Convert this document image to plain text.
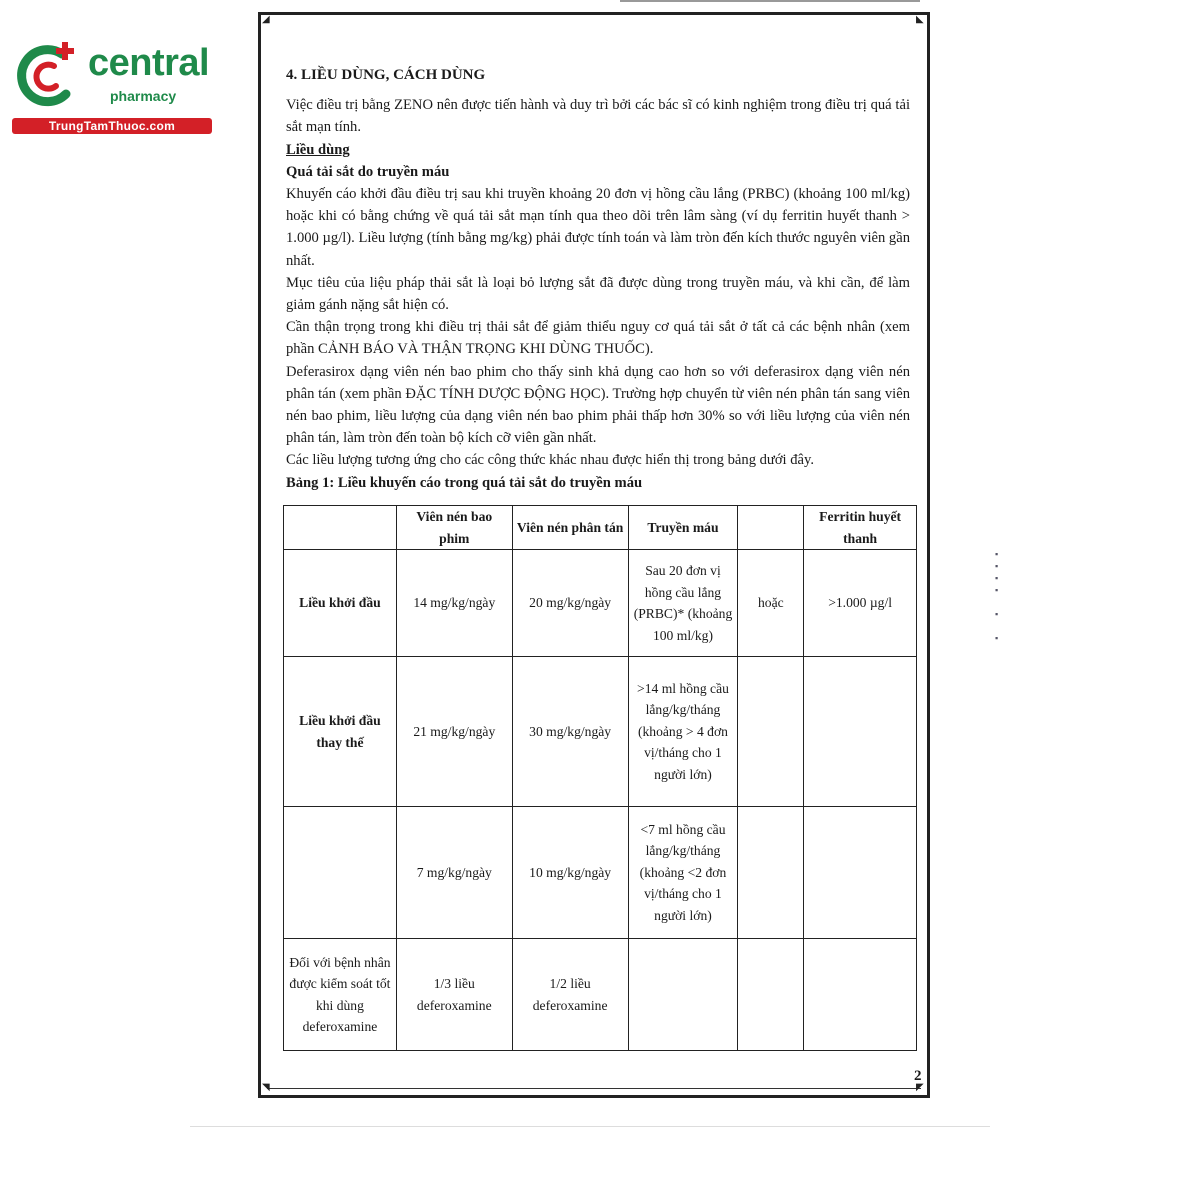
central
pharmacy
TrungTamThuoc.com
◢	◣
◥	◤

4. LIỀU DÙNG, CÁCH DÙNG

Việc điều trị bằng ZENO nên được tiến hành và duy trì bởi các bác sĩ có kinh nghiệm trong điều trị quá tải sắt mạn tính.

Liều dùng

Quá tải sắt do truyền máu

Khuyến cáo khởi đầu điều trị sau khi truyền khoảng 20 đơn vị hồng cầu lắng (PRBC) (khoảng 100 ml/kg) hoặc khi có bằng chứng về quá tải sắt mạn tính qua theo dõi trên lâm sàng (ví dụ ferritin huyết thanh > 1.000 µg/l). Liều lượng (tính bằng mg/kg) phải được tính toán và làm tròn đến kích thước nguyên viên gần nhất.

Mục tiêu của liệu pháp thải sắt là loại bỏ lượng sắt đã được dùng trong truyền máu, và khi cần, để làm giảm gánh nặng sắt hiện có.

Cần thận trọng trong khi điều trị thải sắt để giảm thiểu nguy cơ quá tải sắt ở tất cả các bệnh nhân (xem phần CẢNH BÁO VÀ THẬN TRỌNG KHI DÙNG THUỐC).

Deferasirox dạng viên nén bao phim cho thấy sinh khả dụng cao hơn so với deferasirox dạng viên nén phân tán (xem phần ĐẶC TÍNH DƯỢC ĐỘNG HỌC). Trường hợp chuyển từ viên nén phân tán sang viên nén bao phim, liều lượng của dạng viên nén bao phim phải thấp hơn 30% so với liều lượng của viên nén phân tán, làm tròn đến toàn bộ kích cỡ viên gần nhất.

Các liều lượng tương ứng cho các công thức khác nhau được hiển thị trong bảng dưới đây.

Bảng 1: Liều khuyến cáo trong quá tải sắt do truyền máu

	Viên nén bao phim	Viên nén phân tán	Truyền máu		Ferritin huyết thanh
Liều khởi đầu	14 mg/kg/ngày	20 mg/kg/ngày	Sau 20 đơn vị hồng cầu lắng (PRBC)* (khoảng 100 ml/kg)	hoặc	>1.000 µg/l
Liều khởi đầu thay thế	21 mg/kg/ngày	30 mg/kg/ngày	>14 ml hồng cầu lắng/kg/tháng (khoảng > 4 đơn vị/tháng cho 1 người lớn)		
	7 mg/kg/ngày	10 mg/kg/ngày	<7 ml hồng cầu lắng/kg/tháng (khoảng <2 đơn vị/tháng cho 1 người lớn)		
Đối với bệnh nhân được kiểm soát tốt khi dùng deferoxamine	1/3 liều deferoxamine	1/2 liều deferoxamine			
2
▪
▪
▪
▪

▪

▪
